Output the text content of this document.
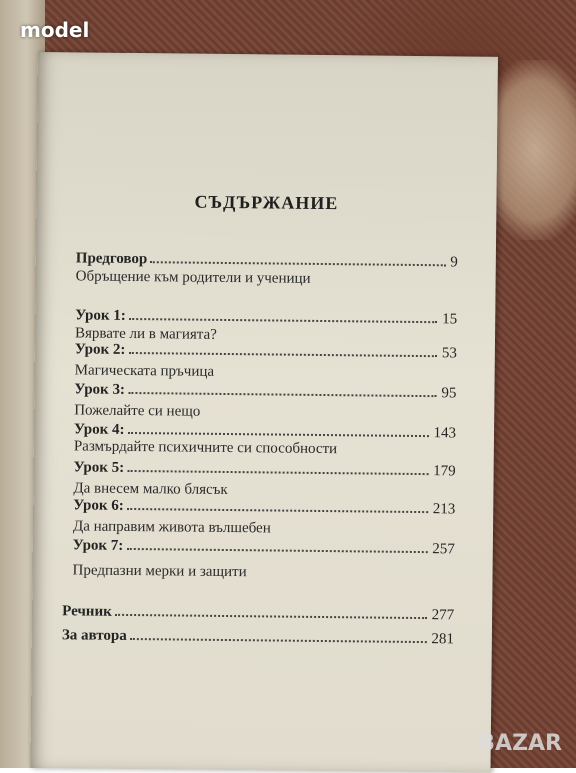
СЪДЪРЖАНИЕ
Предговор	9
Обръщение към родители и ученици
Урок 1:	15
Вярвате ли в магията?
Урок 2:	53
Магическата пръчица
Урок 3:	95
Пожелайте си нещо
Урок 4:	143
Размърдайте психичните си способности
Урок 5:	179
Да внесем малко блясък
Урок 6:	213
Да направим живота вълшебен
Урок 7:	257
Предпазни мерки и защити
Речник	277
За автора	281
model
BAZAR
